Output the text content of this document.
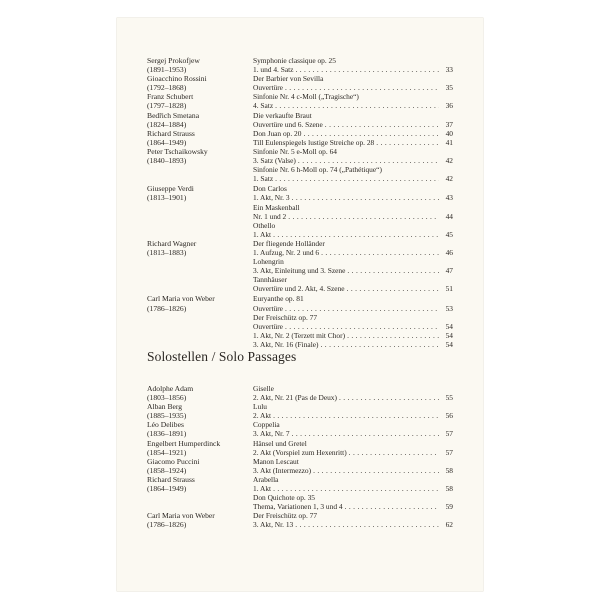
Sergej Prokofjew
(1891–1953)
Symphonie classique op. 25
1. und 4. Satz . . .	33
Gioacchino Rossini
(1792–1868)
Der Barbier von Sevilla
Ouvertüre . . .	35
Franz Schubert
(1797–1828)
Sinfonie Nr. 4 c-Moll („Tragische“)
4. Satz . . .	36
Bedřich Smetana
(1824–1884)
Die verkaufte Braut
Ouvertüre und 6. Szene . . .	37
Richard Strauss
(1864–1949)
Don Juan op. 20 . . .	40
Till Eulenspiegels lustige Streiche op. 28 . . .	41
Peter Tschaikowsky
(1840–1893)
Sinfonie Nr. 5 e-Moll op. 64
3. Satz (Valse) . . .	42
Sinfonie Nr. 6 h-Moll op. 74 („Pathétique“)
1. Satz . . .	42
Giuseppe Verdi
(1813–1901)
Don Carlos
1. Akt, Nr. 3 . . .	43
Ein Maskenball
Nr. 1 und 2 . . .	44
Othello
1. Akt . . .	45
Richard Wagner
(1813–1883)
Der fliegende Holländer
1. Aufzug, Nr. 2 und 6 . . .	46
Lohengrin
3. Akt, Einleitung und 3. Szene . . .	47
Tannhäuser
Ouvertüre und 2. Akt, 4. Szene . . .	51
Carl Maria von Weber
(1786–1826)
Euryanthe op. 81
Ouvertüre . . .	53
Der Freischütz op. 77
Ouvertüre . . .	54
1. Akt, Nr. 2 (Terzett mit Chor) . . .	54
3. Akt, Nr. 16 (Finale) . . .	54
Solostellen / Solo Passages
Adolphe Adam
(1803–1856)
Giselle
2. Akt, Nr. 21 (Pas de Deux) . . .	55
Alban Berg
(1885–1935)
Lulu
2. Akt . . .	56
Léo Delibes
(1836–1891)
Coppelia
3. Akt, Nr. 7 . . .	57
Engelbert Humperdinck
(1854–1921)
Hänsel und Gretel
2. Akt (Vorspiel zum Hexenritt) . . .	57
Giacomo Puccini
(1858–1924)
Manon Lescaut
3. Akt (Intermezzo) . . .	58
Richard Strauss
(1864–1949)
Arabella
1. Akt . . .	58
Don Quichote op. 35
Thema, Variationen 1, 3 und 4 . . .	59
Carl Maria von Weber
(1786–1826)
Der Freischütz op. 77
3. Akt, Nr. 13 . . .	62
